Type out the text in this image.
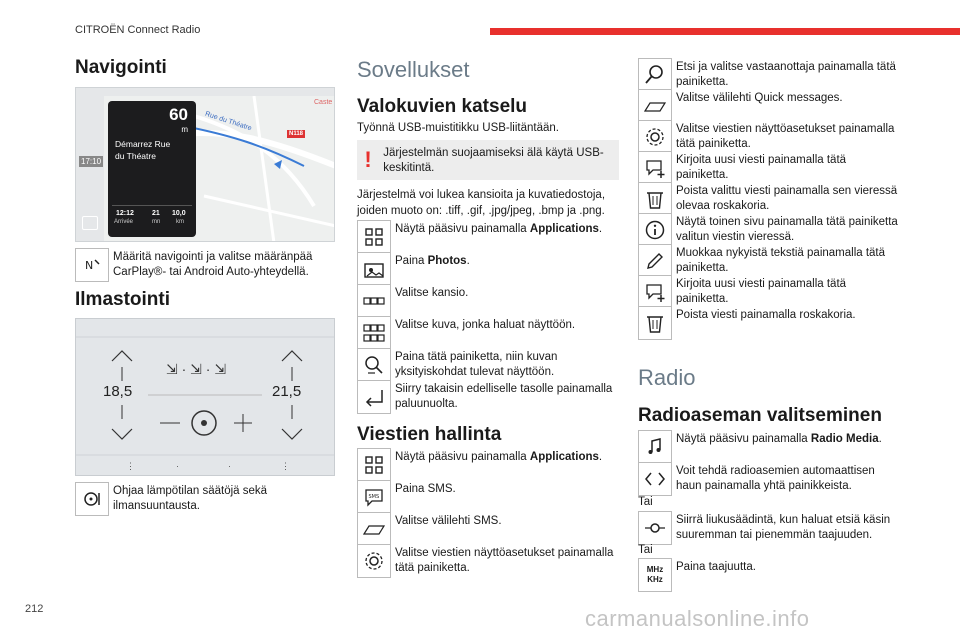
CITROËN Connect Radio
Navigointi
Rue du Théatre
N118
Caste
17:10
60
m
Démarrez Rue
du Théatre
12:12
Arrivée
21
mn
10,0
km
N
Määritä navigointi ja valitse määränpää CarPlay®- tai Android Auto-yhteydellä.
Ilmastointi
⇲ · ⇲ · ⇲
⋮	·	·	⋮
18,5	21,5
Ohjaa lämpötilan säätöjä sekä ilmansuuntausta.
Sovellukset
Valokuvien katselu
Työnnä USB-muistitikku USB-liitäntään.
! Järjestelmän suojaamiseksi älä käytä USB-keskitintä.
Järjestelmä voi lukea kansioita ja kuvatiedostoja, joiden muoto on: .tiff, .gif, .jpg/jpeg, .bmp ja .png.
Näytä pääsivu painamalla Applications.
Paina Photos.
Valitse kansio.
Valitse kuva, jonka haluat näyttöön.
Paina tätä painiketta, niin kuvan yksityiskohdat tulevat näyttöön.
Siirry takaisin edelliselle tasolle painamalla paluunuolta.
Viestien hallinta
Näytä pääsivu painamalla Applications.
SMS
Paina SMS.
Valitse välilehti SMS.
Valitse viestien näyttöasetukset painamalla tätä painiketta.
Etsi ja valitse vastaanottaja painamalla tätä painiketta.
Valitse välilehti Quick messages.
Valitse viestien näyttöasetukset painamalla tätä painiketta.
Kirjoita uusi viesti painamalla tätä painiketta.
Poista valittu viesti painamalla sen vieressä olevaa roskakoria.
Näytä toinen sivu painamalla tätä painiketta valitun viestin vieressä.
Muokkaa nykyistä tekstiä painamalla tätä painiketta.
Kirjoita uusi viesti painamalla tätä painiketta.
Poista viesti painamalla roskakoria.
Radio
Radioaseman valitseminen
Näytä pääsivu painamalla Radio Media.
Voit tehdä radioasemien automaattisen haun painamalla yhtä painikkeista.
Tai
Siirrä liukusäädintä, kun haluat etsiä käsin suuremman tai pienemmän taajuuden.
Tai
MHz
KHz
Paina taajuutta.
212	carmanualsonline.info
